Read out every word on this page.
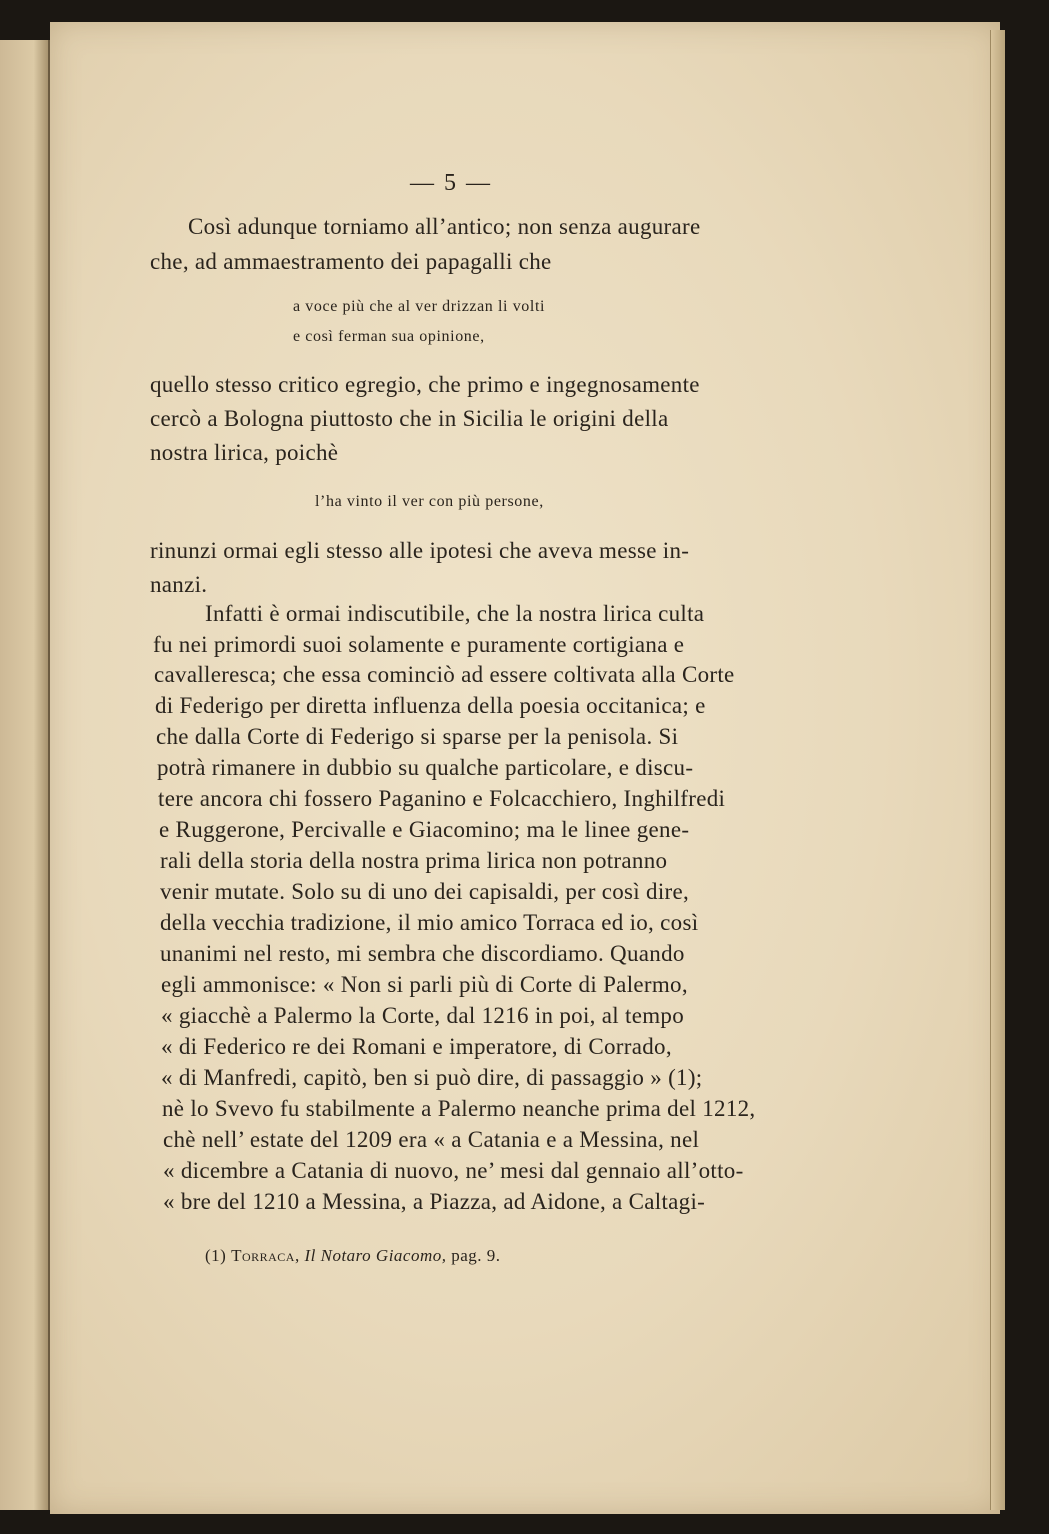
— 5 —
Così adunque torniamo all’antico; non senza augurare
che, ad ammaestramento dei papagalli che
a voce più che al ver drizzan li volti
e così ferman sua opinione,
quello stesso critico egregio, che primo e ingegnosamente
cercò a Bologna piuttosto che in Sicilia le origini della
nostra lirica, poichè
l’ha vinto il ver con più persone,
rinunzi ormai egli stesso alle ipotesi che aveva messe in-
nanzi.
Infatti è ormai indiscutibile, che la nostra lirica culta
fu nei primordi suoi solamente e puramente cortigiana e
cavalleresca; che essa cominciò ad essere coltivata alla Corte
di Federigo per diretta influenza della poesia occitanica; e
che dalla Corte di Federigo si sparse per la penisola. Si
potrà rimanere in dubbio su qualche particolare, e discu-
tere ancora chi fossero Paganino e Folcacchiero, Inghilfredi
e Ruggerone, Percivalle e Giacomino; ma le linee gene-
rali della storia della nostra prima lirica non potranno
venir mutate. Solo su di uno dei capisaldi, per così dire,
della vecchia tradizione, il mio amico Torraca ed io, così
unanimi nel resto, mi sembra che discordiamo. Quando
egli ammonisce: « Non si parli più di Corte di Palermo,
« giacchè a Palermo la Corte, dal 1216 in poi, al tempo
« di Federico re dei Romani e imperatore, di Corrado,
« di Manfredi, capitò, ben si può dire, di passaggio » (1);
nè lo Svevo fu stabilmente a Palermo neanche prima del 1212,
chè nell’ estate del 1209 era « a Catania e a Messina, nel
« dicembre a Catania di nuovo, ne’ mesi dal gennaio all’otto-
« bre del 1210 a Messina, a Piazza, ad Aidone, a Caltagi-
(1) Torraca, Il Notaro Giacomo, pag. 9.
